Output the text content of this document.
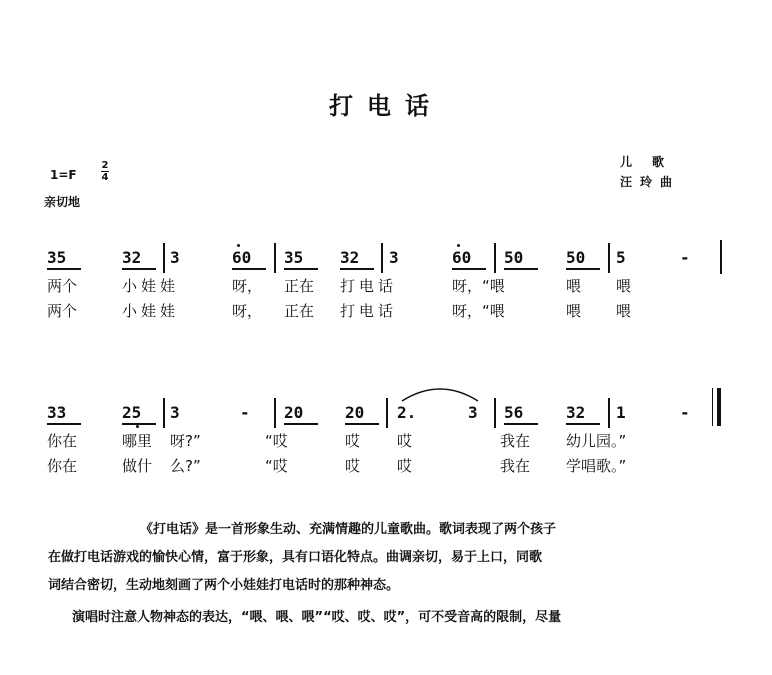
打电话
1=F
2
4
亲切地
儿歌
汪玲曲
35	32 3	60 35 32 3	60 50	50 5	-
两个	小娃娃	呀， 正在 打电话	呀，“喂	喂 喂
两个	小娃娃	呀， 正在 打电话	呀，“喂	喂 喂
33	25 3	- 20	20 2.	3 56	32 1	-
你在	哪里 呀?”	“哎	哎 哎	我在 幼儿园。”
你在	做什 么?”	“哎	哎 哎	我在 学唱歌。”
《打电话》是一首形象生动、充满情趣的儿童歌曲。歌词表现了两个孩子
在做打电话游戏的愉快心情，富于形象，具有口语化特点。曲调亲切，易于上口，同歌
词结合密切，生动地刻画了两个小娃娃打电话时的那种神态。
演唱时注意人物神态的表达，“喂、喂、喂”“哎、哎、哎”，可不受音高的限制，尽量
